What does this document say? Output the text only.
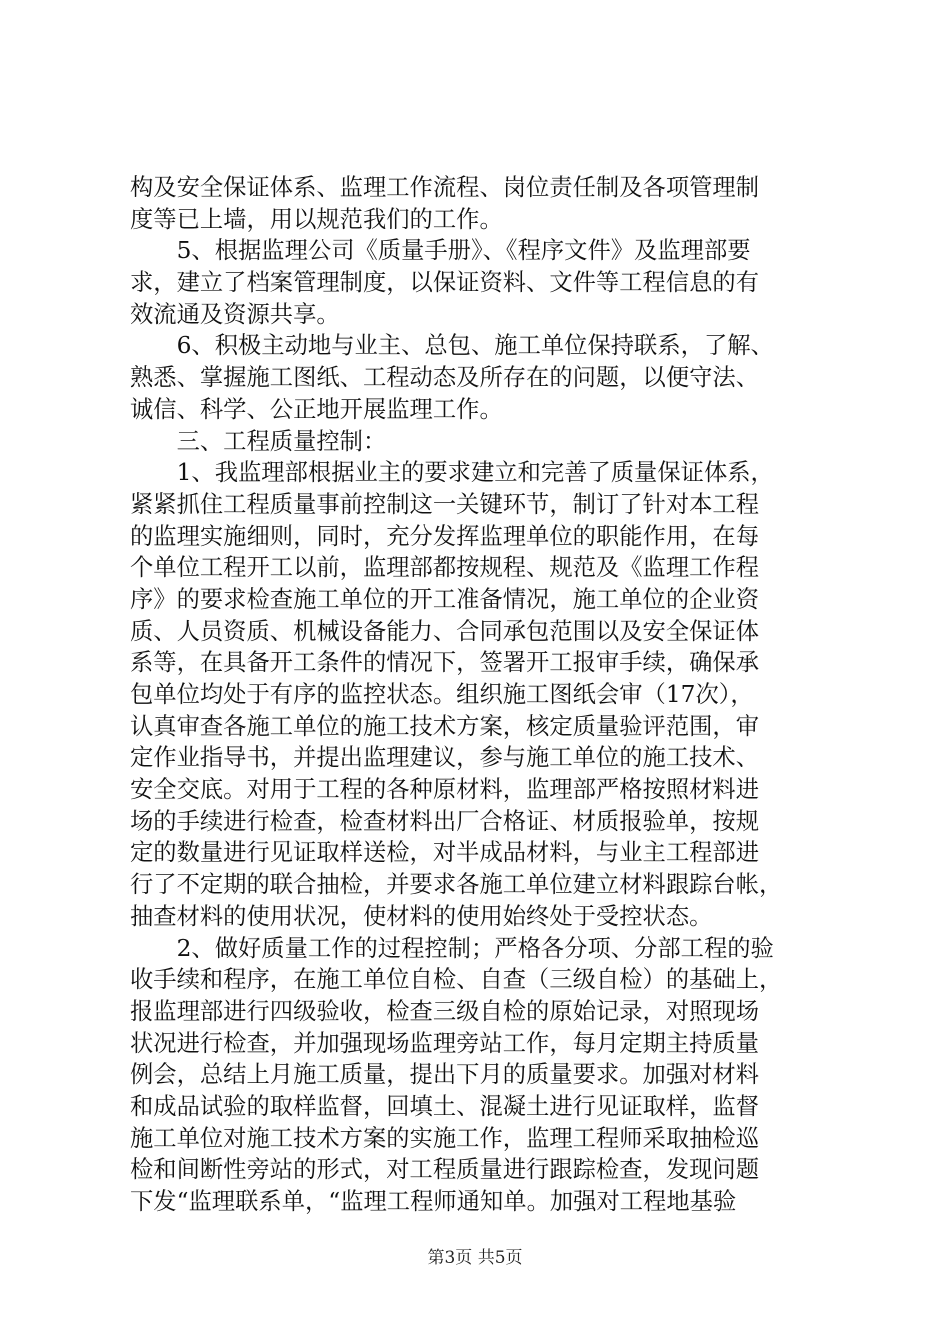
构及安全保证体系、监理工作流程、岗位责任制及各项管理制
度等已上墙，用以规范我们的工作。
　　5、根据监理公司《质量手册》、《程序文件》及监理部要
求，建立了档案管理制度，以保证资料、文件等工程信息的有
效流通及资源共享。
　　6、积极主动地与业主、总包、施工单位保持联系，了解、
熟悉、掌握施工图纸、工程动态及所存在的问题，以便守法、
诚信、科学、公正地开展监理工作。
　　三、工程质量控制：
　　1、我监理部根据业主的要求建立和完善了质量保证体系，
紧紧抓住工程质量事前控制这一关键环节，制订了针对本工程
的监理实施细则，同时，充分发挥监理单位的职能作用，在每
个单位工程开工以前，监理部都按规程、规范及《监理工作程
序》的要求检查施工单位的开工准备情况，施工单位的企业资
质、人员资质、机械设备能力、合同承包范围以及安全保证体
系等，在具备开工条件的情况下，签署开工报审手续，确保承
包单位均处于有序的监控状态。组织施工图纸会审（17次），
认真审查各施工单位的施工技术方案，核定质量验评范围，审
定作业指导书，并提出监理建议，参与施工单位的施工技术、
安全交底。对用于工程的各种原材料，监理部严格按照材料进
场的手续进行检查，检查材料出厂合格证、材质报验单，按规
定的数量进行见证取样送检，对半成品材料，与业主工程部进
行了不定期的联合抽检，并要求各施工单位建立材料跟踪台帐，
抽查材料的使用状况，使材料的使用始终处于受控状态。
　　2、做好质量工作的过程控制；严格各分项、分部工程的验
收手续和程序，在施工单位自检、自查（三级自检）的基础上，
报监理部进行四级验收，检查三级自检的原始记录，对照现场
状况进行检查，并加强现场监理旁站工作，每月定期主持质量
例会，总结上月施工质量，提出下月的质量要求。加强对材料
和成品试验的取样监督，回填土、混凝土进行见证取样，监督
施工单位对施工技术方案的实施工作，监理工程师采取抽检巡
检和间断性旁站的形式，对工程质量进行跟踪检查，发现问题
下发“监理联系单，“监理工程师通知单。加强对工程地基验

第3页 共5页
